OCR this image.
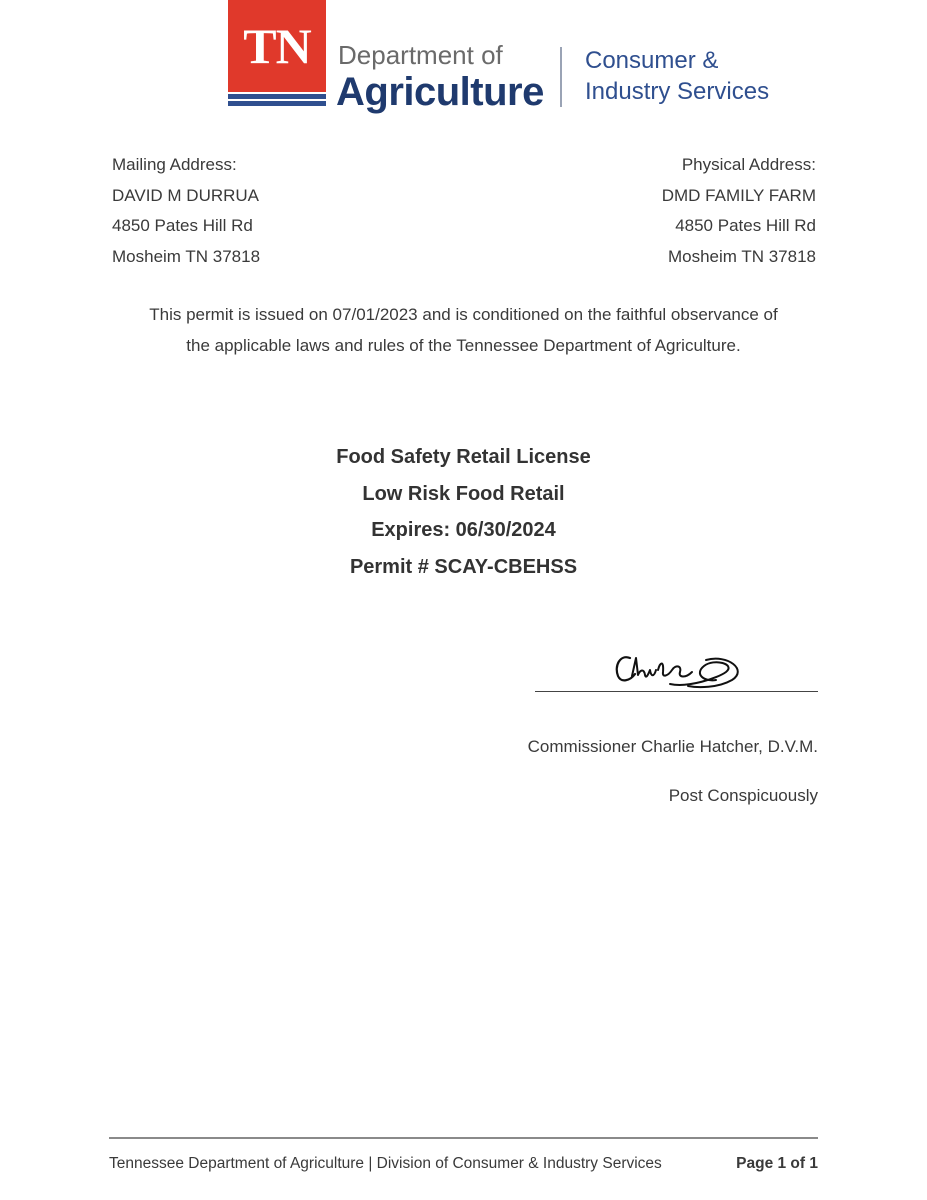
TN	Department of
Agriculture
Consumer &
Industry Services
Mailing Address:
DAVID M DURRUA
4850 Pates Hill Rd
Mosheim TN 37818
Physical Address:
DMD FAMILY FARM
4850 Pates Hill Rd
Mosheim TN 37818
This permit is issued on 07/01/2023 and is conditioned on the faithful observance of
the applicable laws and rules of the Tennessee Department of Agriculture.
Food Safety Retail License
Low Risk Food Retail
Expires: 06/30/2024
Permit # SCAY-CBEHSS
Commissioner Charlie Hatcher, D.V.M.
Post Conspicuously
Tennessee Department of Agriculture | Division of Consumer & Industry Services	Page 1 of 1
